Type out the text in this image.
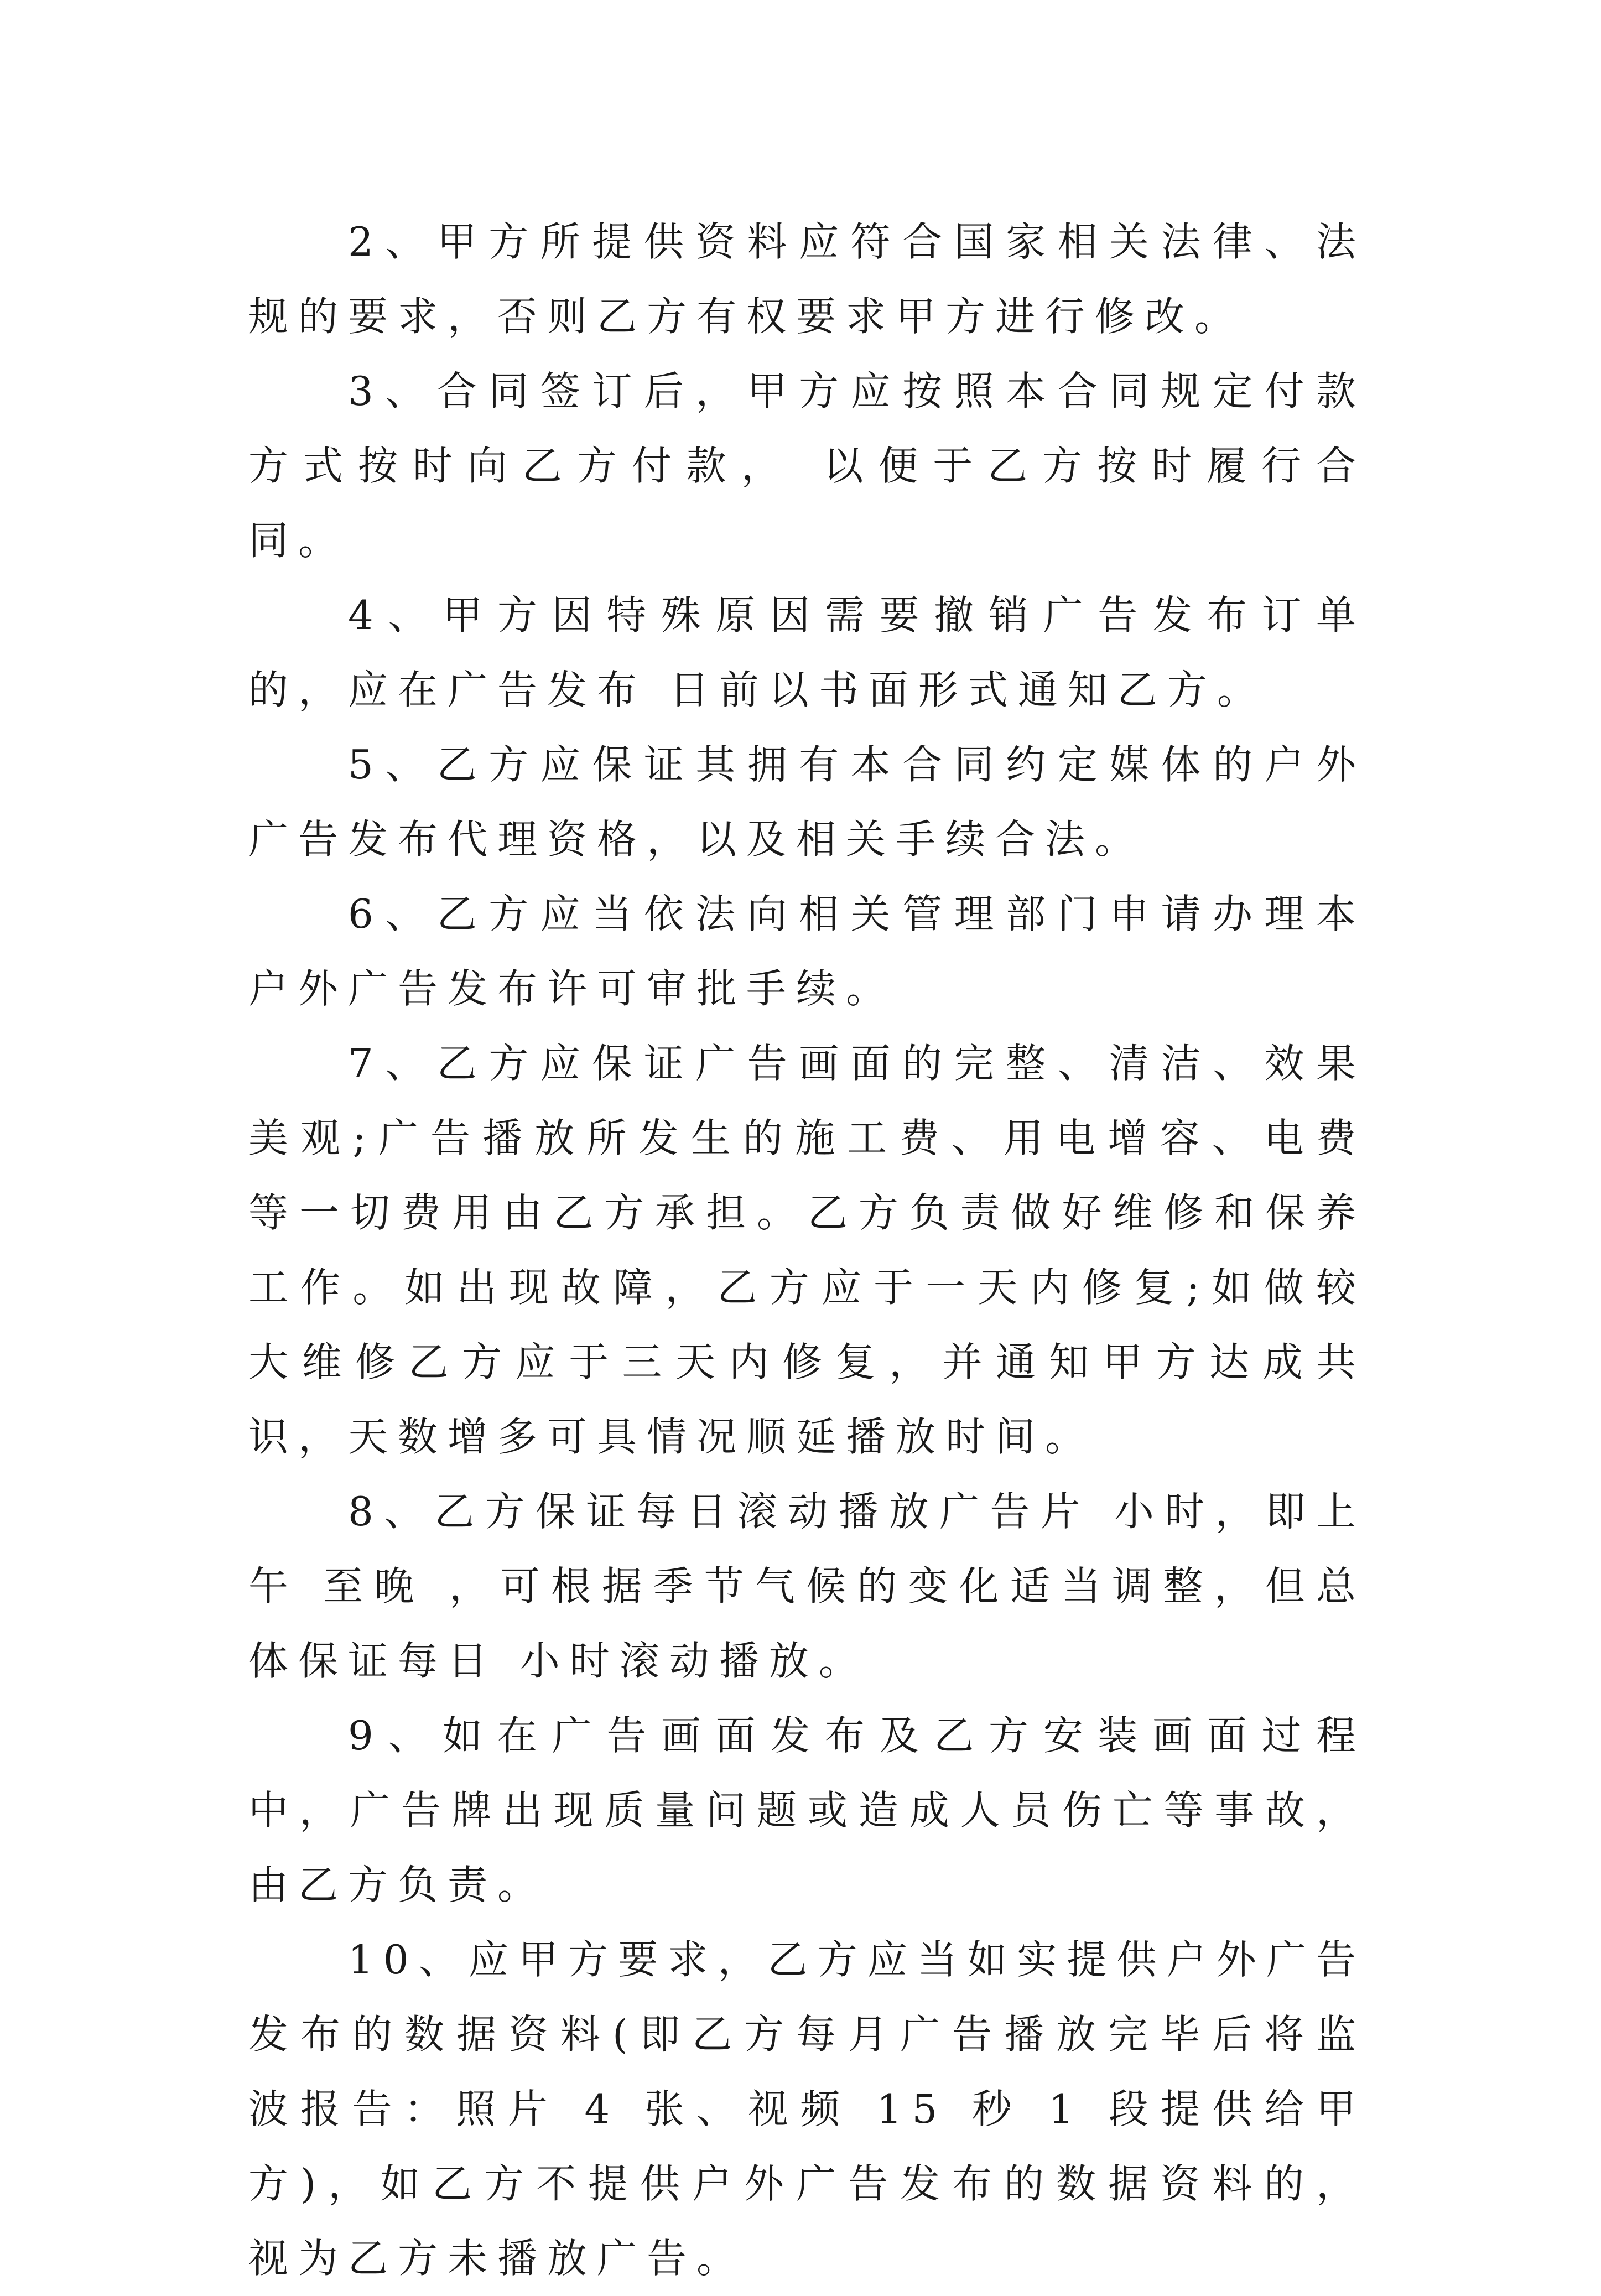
2、甲方所提供资料应符合国家相关法律、法规的要求，否则乙方有权要求甲方进行修改。

3、合同签订后，甲方应按照本合同规定付款方式按时向乙方付款， 以便于乙方按时履行合同。

4、甲方因特殊原因需要撤销广告发布订单的，应在广告发布 日前以书面形式通知乙方。

5、乙方应保证其拥有本合同约定媒体的户外广告发布代理资格，以及相关手续合法。

6、乙方应当依法向相关管理部门申请办理本户外广告发布许可审批手续。

7、乙方应保证广告画面的完整、清洁、效果美观;广告播放所发生的施工费、用电增容、电费等一切费用由乙方承担。乙方负责做好维修和保养工作。如出现故障，乙方应于一天内修复;如做较大维修乙方应于三天内修复，并通知甲方达成共识，天数增多可具情况顺延播放时间。

8、乙方保证每日滚动播放广告片 小时，即上午 至晚 ，可根据季节气候的变化适当调整，但总体保证每日 小时滚动播放。

9、如在广告画面发布及乙方安装画面过程中，广告牌出现质量问题或造成人员伤亡等事故，由乙方负责。

10、应甲方要求，乙方应当如实提供户外广告发布的数据资料(即乙方每月广告播放完毕后将监波报告：照片 4 张、视频 15 秒 1 段提供给甲方)，如乙方不提供户外广告发布的数据资料的，视为乙方未播放广告。
